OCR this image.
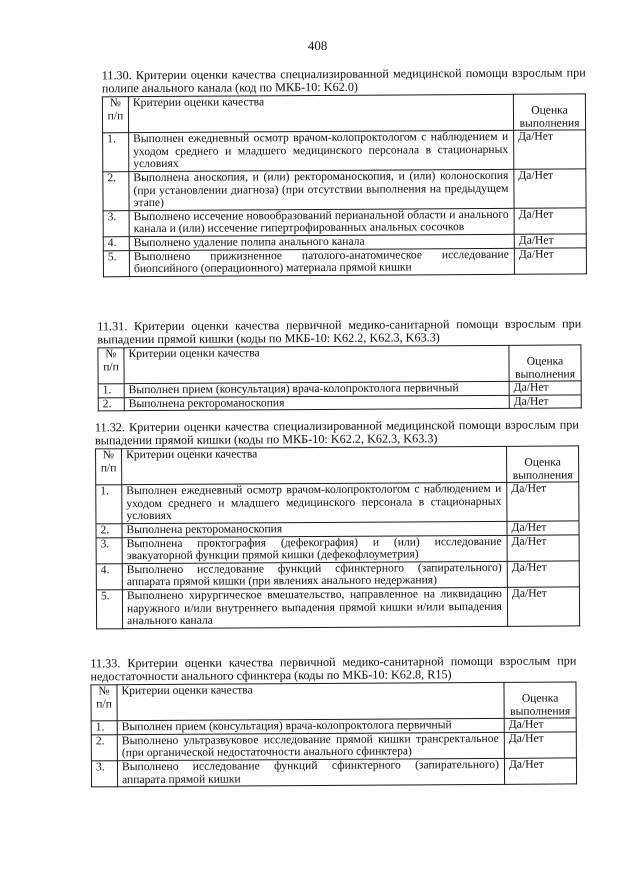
408

11.30. Критерии оценки качества специализированной медицинской помощи взрослым при полипе анального канала (код по МКБ-10: K62.0)

№ п/п	Критерии оценки качества	Оценка выполнения
1.	Выполнен ежедневный осмотр врачом-колопроктологом с наблюдением и уходом среднего и младшего медицинского персонала в стационарных условиях	Да/Нет
2.	Выполнена аноскопия, и (или) ректороманоскопия, и (или) колоноскопия (при установлении диагноза) (при отсутствии выполнения на предыдущем этапе)	Да/Нет
3.	Выполнено иссечение новообразований перианальной области и анального канала и (или) иссечение гипертрофированных анальных сосочков	Да/Нет
4.	Выполнено удаление полипа анального канала	Да/Нет
5.	Выполнено прижизненное патолого-анатомическое исследование биопсийного (операционного) материала прямой кишки	Да/Нет

11.31. Критерии оценки качества первичной медико-санитарной помощи взрослым при выпадении прямой кишки (коды по МКБ-10: K62.2, K62.3, K63.3)

№ п/п	Критерии оценки качества	Оценка выполнения
1.	Выполнен прием (консультация) врача-колопроктолога первичный	Да/Нет
2.	Выполнена ректороманоскопия	Да/Нет

11.32. Критерии оценки качества специализированной медицинской помощи взрослым при выпадении прямой кишки (коды по МКБ-10: K62.2, K62.3, K63.3)

№ п/п	Критерии оценки качества	Оценка выполнения
1.	Выполнен ежедневный осмотр врачом-колопроктологом с наблюдением и уходом среднего и младшего медицинского персонала в стационарных условиях	Да/Нет
2.	Выполнена ректороманоскопия	Да/Нет
3.	Выполнена проктография (дефекография) и (или) исследование эвакуаторной функции прямой кишки (дефекофлоуметрия)	Да/Нет
4.	Выполнено исследование функций сфинктерного (запирательного) аппарата прямой кишки (при явлениях анального недержания)	Да/Нет
5.	Выполнено хирургическое вмешательство, направленное на ликвидацию наружного и/или внутреннего выпадения прямой кишки и/или выпадения анального канала	Да/Нет

11.33. Критерии оценки качества первичной медико-санитарной помощи взрослым при недостаточности анального сфинктера (коды по МКБ-10: K62.8, R15)

№ п/п	Критерии оценки качества	Оценка выполнения
1.	Выполнен прием (консультация) врача-колопроктолога первичный	Да/Нет
2.	Выполнено ультразвуковое исследование прямой кишки трансректальное (при органической недостаточности анального сфинктера)	Да/Нет
3.	Выполнено исследование функций сфинктерного (запирательного) аппарата прямой кишки	Да/Нет
